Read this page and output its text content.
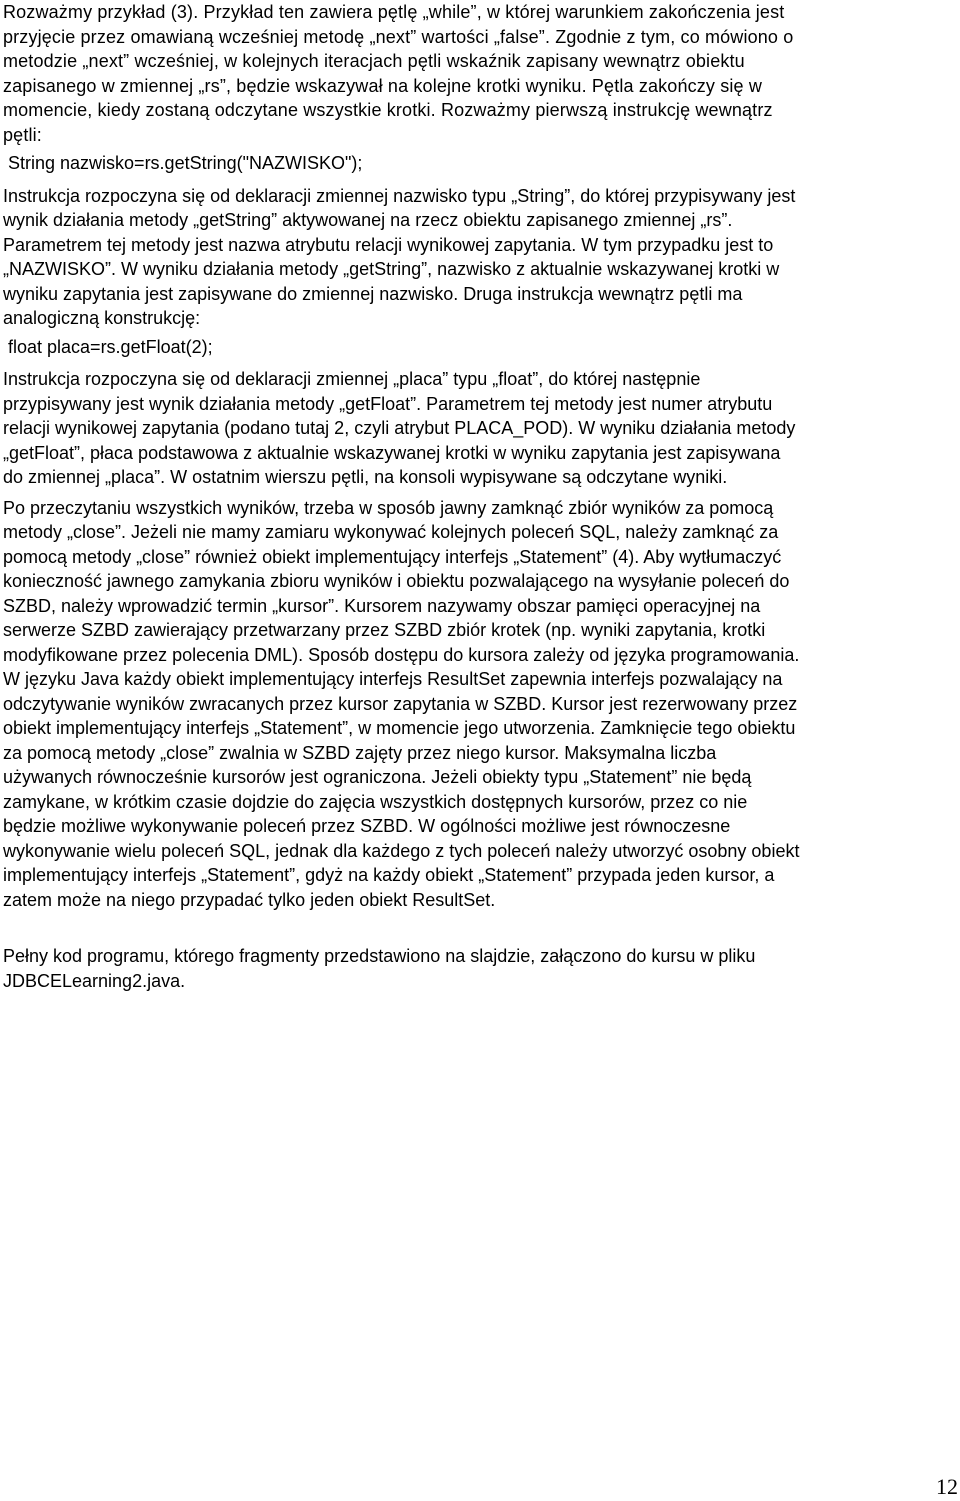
Rozważmy przykład (3). Przykład ten zawiera pętlę „while”, w której warunkiem zakończenia jest przyjęcie przez omawianą wcześniej metodę „next” wartości „false”. Zgodnie z tym, co mówiono o metodzie „next” wcześniej, w kolejnych iteracjach pętli wskaźnik zapisany wewnątrz obiektu zapisanego w zmiennej „rs”, będzie wskazywał na kolejne krotki wyniku. Pętla zakończy się w momencie, kiedy zostaną odczytane wszystkie krotki. Rozważmy pierwszą instrukcję wewnątrz pętli:

String nazwisko=rs.getString("NAZWISKO");

Instrukcja rozpoczyna się od deklaracji zmiennej nazwisko typu „String”, do której przypisywany jest wynik działania metody „getString” aktywowanej na rzecz obiektu zapisanego zmiennej „rs”. Parametrem tej metody jest nazwa atrybutu relacji wynikowej zapytania. W tym przypadku jest to „NAZWISKO”. W wyniku działania metody „getString”, nazwisko z aktualnie wskazywanej krotki w wyniku zapytania jest zapisywane do zmiennej nazwisko. Druga instrukcja wewnątrz pętli ma analogiczną konstrukcję:

float placa=rs.getFloat(2);

Instrukcja rozpoczyna się od deklaracji zmiennej „placa” typu „float”, do której następnie przypisywany jest wynik działania metody „getFloat”. Parametrem tej metody jest numer atrybutu relacji wynikowej zapytania (podano tutaj 2, czyli atrybut PLACA_POD). W wyniku działania metody „getFloat”, płaca podstawowa z aktualnie wskazywanej krotki w wyniku zapytania jest zapisywana do zmiennej „placa”. W ostatnim wierszu pętli, na konsoli wypisywane są odczytane wyniki.

Po przeczytaniu wszystkich wyników, trzeba w sposób jawny zamknąć zbiór wyników za pomocą metody „close”. Jeżeli nie mamy zamiaru wykonywać kolejnych poleceń SQL, należy zamknąć za pomocą metody „close” również obiekt implementujący interfejs „Statement” (4). Aby wytłumaczyć konieczność jawnego zamykania zbioru wyników i obiektu pozwalającego na wysyłanie poleceń do SZBD, należy wprowadzić termin „kursor”. Kursorem nazywamy obszar pamięci operacyjnej na serwerze SZBD zawierający przetwarzany przez SZBD zbiór krotek (np. wyniki zapytania, krotki modyfikowane przez polecenia DML). Sposób dostępu do kursora zależy od języka programowania. W języku Java każdy obiekt implementujący interfejs ResultSet zapewnia interfejs pozwalający na odczytywanie wyników zwracanych przez kursor zapytania w SZBD. Kursor jest rezerwowany przez obiekt implementujący interfejs „Statement”, w momencie jego utworzenia. Zamknięcie tego obiektu za pomocą metody „close” zwalnia w SZBD zajęty przez niego kursor. Maksymalna liczba używanych równocześnie kursorów jest ograniczona. Jeżeli obiekty typu „Statement” nie będą zamykane, w krótkim czasie dojdzie do zajęcia wszystkich dostępnych kursorów, przez co nie będzie możliwe wykonywanie poleceń przez SZBD. W ogólności możliwe jest równoczesne wykonywanie wielu poleceń SQL, jednak dla każdego z tych poleceń należy utworzyć osobny obiekt implementujący interfejs „Statement”, gdyż na każdy obiekt „Statement” przypada jeden kursor, a zatem może na niego przypadać tylko jeden obiekt ResultSet.

Pełny kod programu, którego fragmenty przedstawiono na slajdzie, załączono do kursu w pliku JDBCELearning2.java.

12
